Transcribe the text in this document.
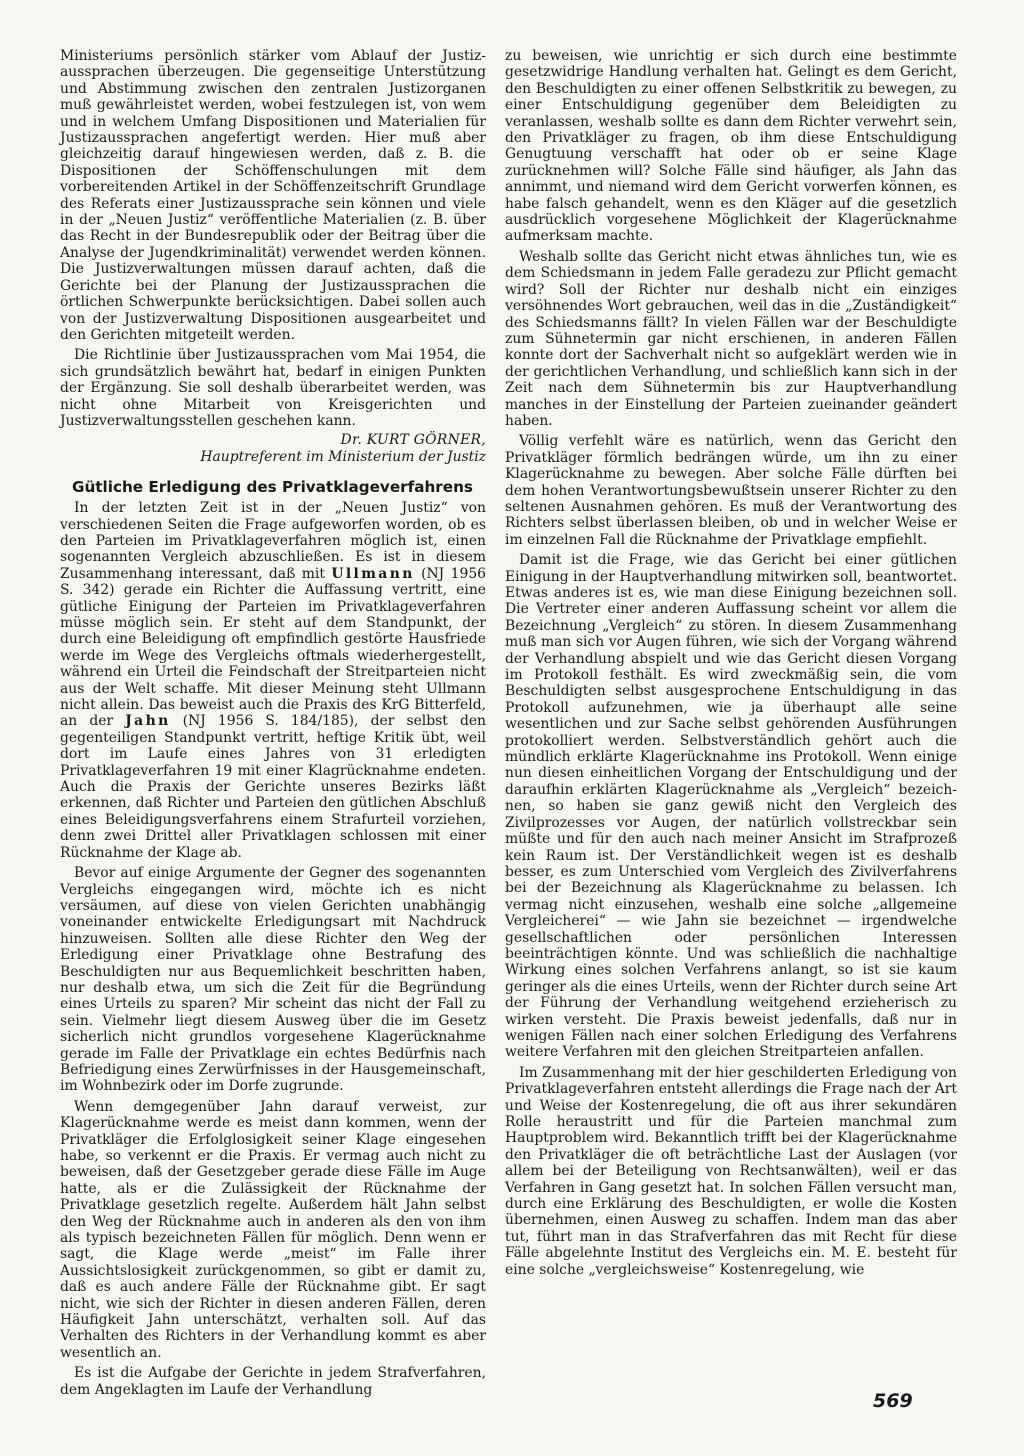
Ministeriums persönlich stärker vom Ablauf der Justizaussprachen überzeugen. Die gegenseitige Unterstützung und Abstimmung zwischen den zentralen Justizorganen muß gewährleistet werden, wobei festzulegen ist, von wem und in welchem Umfang Dispositionen und Materialien für Justizaussprachen angefertigt werden. Hier muß aber gleichzeitig darauf hingewiesen werden, daß z. B. die Dispositionen der Schöffenschulungen mit dem vorbereitenden Artikel in der Schöffenzeitschrift Grundlage des Referats einer Justizaussprache sein können und viele in der „Neuen Justiz“ veröffentliche Materialien (z. B. über das Recht in der Bundesrepublik oder der Beitrag über die Analyse der Jugendkriminalität) verwendet werden können. Die Justizverwaltungen müssen darauf achten, daß die Gerichte bei der Planung der Justizaussprachen die örtlichen Schwerpunkte berücksichtigen. Dabei sollen auch von der Justizverwaltung Dispositionen ausgearbeitet und den Gerichten mitgeteilt werden.

Die Richtlinie über Justizaussprachen vom Mai 1954, die sich grundsätzlich bewährt hat, bedarf in einigen Punkten der Ergänzung. Sie soll deshalb überarbeitet werden, was nicht ohne Mitarbeit von Kreisgerichten und Justizverwaltungsstellen geschehen kann.

Dr. KURT GÖRNER,
Hauptreferent im Ministerium der Justiz
Gütliche Erledigung des Privatklageverfahrens

In der letzten Zeit ist in der „Neuen Justiz“ von verschiedenen Seiten die Frage aufgeworfen worden, ob es den Parteien im Privatklageverfahren möglich ist, einen sogenannten Vergleich abzuschließen. Es ist in diesem Zusammenhang interessant, daß mit Ullmann (NJ 1956 S. 342) gerade ein Richter die Auffassung vertritt, eine gütliche Einigung der Parteien im Privatklageverfahren müsse möglich sein. Er steht auf dem Standpunkt, der durch eine Beleidigung oft empfindlich gestörte Hausfriede werde im Wege des Vergleichs oftmals wiederhergestellt, während ein Urteil die Feindschaft der Streitparteien nicht aus der Welt schaffe. Mit dieser Meinung steht Ullmann nicht allein. Das beweist auch die Praxis des KrG Bitterfeld, an der Jahn (NJ 1956 S. 184/185), der selbst den gegenteiligen Standpunkt vertritt, heftige Kritik übt, weil dort im Laufe eines Jahres von 31 erledigten Privatklageverfahren 19 mit einer Klagrücknahme endeten. Auch die Praxis der Gerichte unseres Bezirks läßt erkennen, daß Richter und Parteien den gütlichen Abschluß eines Beleidigungsverfahrens einem Strafurteil vorziehen, denn zwei Drittel aller Privatklagen schlossen mit einer Rücknahme der Klage ab.

Bevor auf einige Argumente der Gegner des sogenannten Vergleichs eingegangen wird, möchte ich es nicht versäumen, auf diese von vielen Gerichten unabhängig voneinander entwickelte Erledigungsart mit Nachdruck hinzuweisen. Sollten alle diese Richter den Weg der Erledigung einer Privatklage ohne Bestrafung des Beschuldigten nur aus Bequemlichkeit beschritten haben, nur deshalb etwa, um sich die Zeit für die Begründung eines Urteils zu sparen? Mir scheint das nicht der Fall zu sein. Vielmehr liegt diesem Ausweg über die im Gesetz sicherlich nicht grundlos vorgesehene Klagerücknahme gerade im Falle der Privatklage ein echtes Bedürfnis nach Befriedigung eines Zerwürfnisses in der Hausgemeinschaft, im Wohnbezirk oder im Dorfe zugrunde.

Wenn demgegenüber Jahn darauf verweist, zur Klagerücknahme werde es meist dann kommen, wenn der Privatkläger die Erfolglosigkeit seiner Klage eingesehen habe, so verkennt er die Praxis. Er vermag auch nicht zu beweisen, daß der Gesetzgeber gerade diese Fälle im Auge hatte, als er die Zulässigkeit der Rücknahme der Privatklage gesetzlich regelte. Außerdem hält Jahn selbst den Weg der Rücknahme auch in anderen als den von ihm als typisch bezeichneten Fällen für möglich. Denn wenn er sagt, die Klage werde „meist“ im Falle ihrer Aussichtslosigkeit zurückgenommen, so gibt er damit zu, daß es auch andere Fälle der Rücknahme gibt. Er sagt nicht, wie sich der Richter in diesen anderen Fällen, deren Häufigkeit Jahn unterschätzt, verhalten soll. Auf das Verhalten des Richters in der Verhandlung kommt es aber wesentlich an.

Es ist die Aufgabe der Gerichte in jedem Strafverfahren, dem Angeklagten im Laufe der Verhandlung

zu beweisen, wie unrichtig er sich durch eine bestimmte gesetzwidrige Handlung verhalten hat. Gelingt es dem Gericht, den Beschuldigten zu einer offenen Selbstkritik zu bewegen, zu einer Entschuldigung gegenüber dem Beleidigten zu veranlassen, weshalb sollte es dann dem Richter verwehrt sein, den Privatkläger zu fragen, ob ihm diese Entschuldigung Genugtuung verschafft hat oder ob er seine Klage zurücknehmen will? Solche Fälle sind häufiger, als Jahn das annimmt, und niemand wird dem Gericht vorwerfen können, es habe falsch gehandelt, wenn es den Kläger auf die gesetzlich ausdrücklich vorgesehene Möglichkeit der Klagerücknahme aufmerksam machte.

Weshalb sollte das Gericht nicht etwas ähnliches tun, wie es dem Schiedsmann in jedem Falle geradezu zur Pflicht gemacht wird? Soll der Richter nur deshalb nicht ein einziges versöhnendes Wort gebrauchen, weil das in die „Zuständigkeit“ des Schiedsmanns fällt? In vielen Fällen war der Beschuldigte zum Sühnetermin gar nicht erschienen, in anderen Fällen konnte dort der Sachverhalt nicht so aufgeklärt werden wie in der gerichtlichen Verhandlung, und schließlich kann sich in der Zeit nach dem Sühnetermin bis zur Hauptverhandlung manches in der Einstellung der Parteien zueinander geändert haben.

Völlig verfehlt wäre es natürlich, wenn das Gericht den Privatkläger förmlich bedrängen würde, um ihn zu einer Klagerücknahme zu bewegen. Aber solche Fälle dürften bei dem hohen Verantwortungsbewußtsein unserer Richter zu den seltenen Ausnahmen gehören. Es muß der Verantwortung des Richters selbst überlassen bleiben, ob und in welcher Weise er im einzelnen Fall die Rücknahme der Privatklage empfiehlt.

Damit ist die Frage, wie das Gericht bei einer gütlichen Einigung in der Hauptverhandlung mitwirken soll, beantwortet. Etwas anderes ist es, wie man diese Einigung bezeichnen soll. Die Vertreter einer anderen Auffassung scheint vor allem die Bezeichnung „Vergleich“ zu stören. In diesem Zusammenhang muß man sich vor Augen führen, wie sich der Vorgang während der Verhandlung abspielt und wie das Gericht diesen Vorgang im Protokoll festhält. Es wird zweckmäßig sein, die vom Beschuldigten selbst ausgesprochene Entschuldigung in das Protokoll aufzunehmen, wie ja überhaupt alle seine wesentlichen und zur Sache selbst gehörenden Ausführungen protokolliert werden. Selbstverständlich gehört auch die mündlich erklärte Klagerücknahme ins Protokoll. Wenn einige nun diesen einheitlichen Vorgang der Entschuldigung und der daraufhin erklärten Klagerücknahme als „Vergleich“ bezeichnen, so haben sie ganz gewiß nicht den Vergleich des Zivilprozesses vor Augen, der natürlich vollstreckbar sein müßte und für den auch nach meiner Ansicht im Strafprozeß kein Raum ist. Der Verständlichkeit wegen ist es deshalb besser, es zum Unterschied vom Vergleich des Zivilverfahrens bei der Bezeichnung als Klagerücknahme zu belassen. Ich vermag nicht einzusehen, weshalb eine solche „allgemeine Vergleicherei“ — wie Jahn sie bezeichnet — irgendwelche gesellschaftlichen oder persönlichen Interessen beeinträchtigen könnte. Und was schließlich die nachhaltige Wirkung eines solchen Verfahrens anlangt, so ist sie kaum geringer als die eines Urteils, wenn der Richter durch seine Art der Führung der Verhandlung weitgehend erzieherisch zu wirken versteht. Die Praxis beweist jedenfalls, daß nur in wenigen Fällen nach einer solchen Erledigung des Verfahrens weitere Verfahren mit den gleichen Streitparteien anfallen.

Im Zusammenhang mit der hier geschilderten Erledigung von Privatklageverfahren entsteht allerdings die Frage nach der Art und Weise der Kostenregelung, die oft aus ihrer sekundären Rolle heraustritt und für die Parteien manchmal zum Hauptproblem wird. Bekanntlich trifft bei der Klagerücknahme den Privatkläger die oft beträchtliche Last der Auslagen (vor allem bei der Beteiligung von Rechtsanwälten), weil er das Verfahren in Gang gesetzt hat. In solchen Fällen versucht man, durch eine Erklärung des Beschuldigten, er wolle die Kosten übernehmen, einen Ausweg zu schaffen. Indem man das aber tut, führt man in das Strafverfahren das mit Recht für diese Fälle abgelehnte Institut des Vergleichs ein. M. E. besteht für eine solche „vergleichsweise“ Kostenregelung, wie

569
